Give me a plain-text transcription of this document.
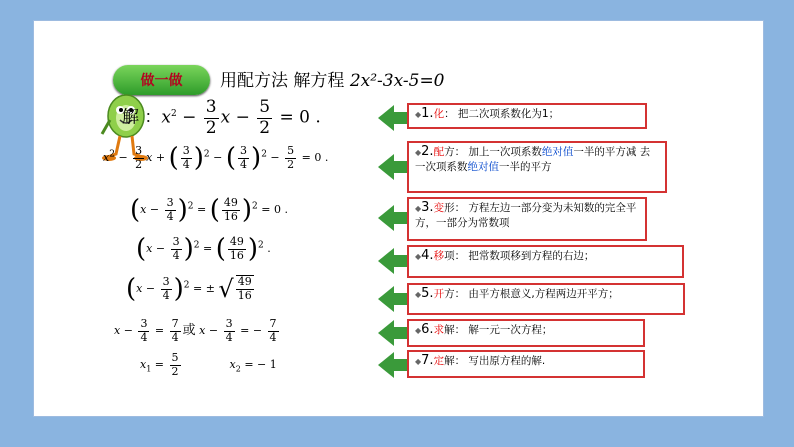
做一做	用配方法 解方程 2x²-3x-5=0
解 ：$x^2 - \frac{3}{2}$ $x - \frac{5}{2} = 0$ .
$x^2 - \frac{3}{2}$ x + ( $\frac{3}{4} )^2$ − ( $\frac{3}{4} )^2 - \frac{5}{2} = 0$ .
$(x - \frac{3}{4} )^2$ = ( $\frac{49}{16} )^2 = 0$ .
$(x - \frac{3}{4} )^2$ = ( $\frac{49}{16} )^2$ .
$(x - \frac{3}{4} )^2$ = ± √ $\frac{49}{16}$
$x - \frac{3}{4} = \frac{7}{4}$ 或 $x - \frac{3}{4}$ = − $\frac{7}{4}$
$x_1 = \frac{5}{2}$	$x_2$ = − 1
◆1.化： 把二次项系数化为1；
◆2.配方： 加上一次项系数绝对值一半的平方减 去一次项系数绝对值一半的平方
◆3.变形： 方程左边一部分变为未知数的完全平方，一部分为常数项
◆4.移项： 把常数项移到方程的右边；
◆5.开方： 由平方根意义,方程两边开平方；
◆6.求解： 解一元一次方程；
◆7.定解： 写出原方程的解.
